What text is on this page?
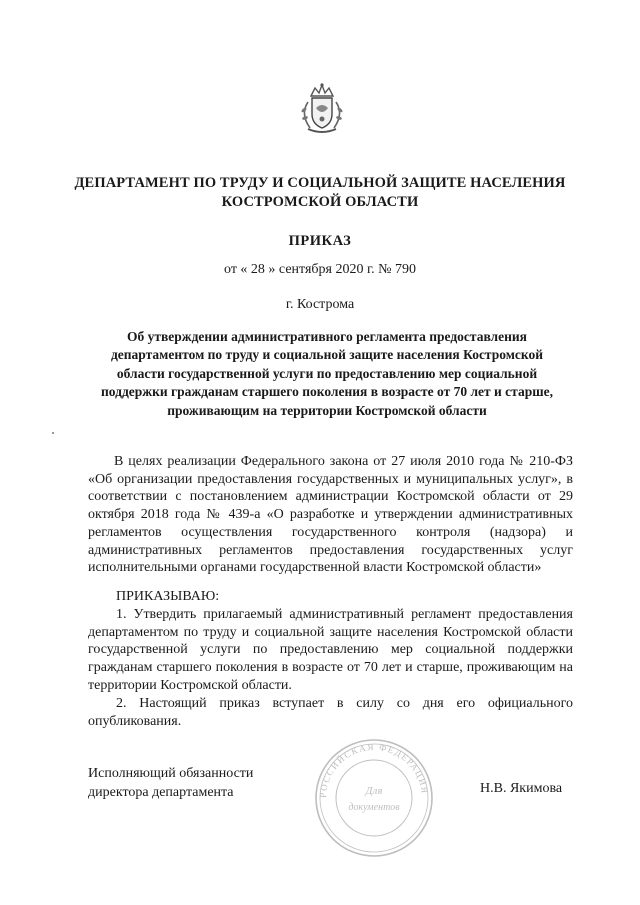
ДЕПАРТАМЕНТ ПО ТРУДУ И СОЦИАЛЬНОЙ ЗАЩИТЕ НАСЕЛЕНИЯ КОСТРОМСКОЙ ОБЛАСТИ
ПРИКАЗ
от « 28 » сентября 2020 г. № 790
г. Кострома
Об утверждении административного регламента предоставления департаментом по труду и социальной защите населения Костромской области государственной услуги по предоставлению мер социальной поддержки гражданам старшего поколения в возрасте от 70 лет и старше, проживающим на территории Костромской области
В целях реализации Федерального закона от 27 июля 2010 года № 210-ФЗ «Об организации предоставления государственных и муниципальных услуг», в соответствии с постановлением администрации Костромской области от 29 октября 2018 года № 439-а «О разработке и утверждении административных регламентов осуществления государственного контроля (надзора) и административных регламентов предоставления государственных услуг исполнительными органами государственной власти Костромской области»
ПРИКАЗЫВАЮ:
1. Утвердить прилагаемый административный регламент предоставления департаментом по труду и социальной защите населения Костромской области государственной услуги по предоставлению мер социальной поддержки гражданам старшего поколения в возрасте от 70 лет и старше, проживающим на территории Костромской области.
2. Настоящий приказ вступает в силу со дня его официального опубликования.
Исполняющий обязанности
директора департамента	РОССИЙСКАЯ ФЕДЕРАЦИЯ
Для
документов
Н.В. Якимова
